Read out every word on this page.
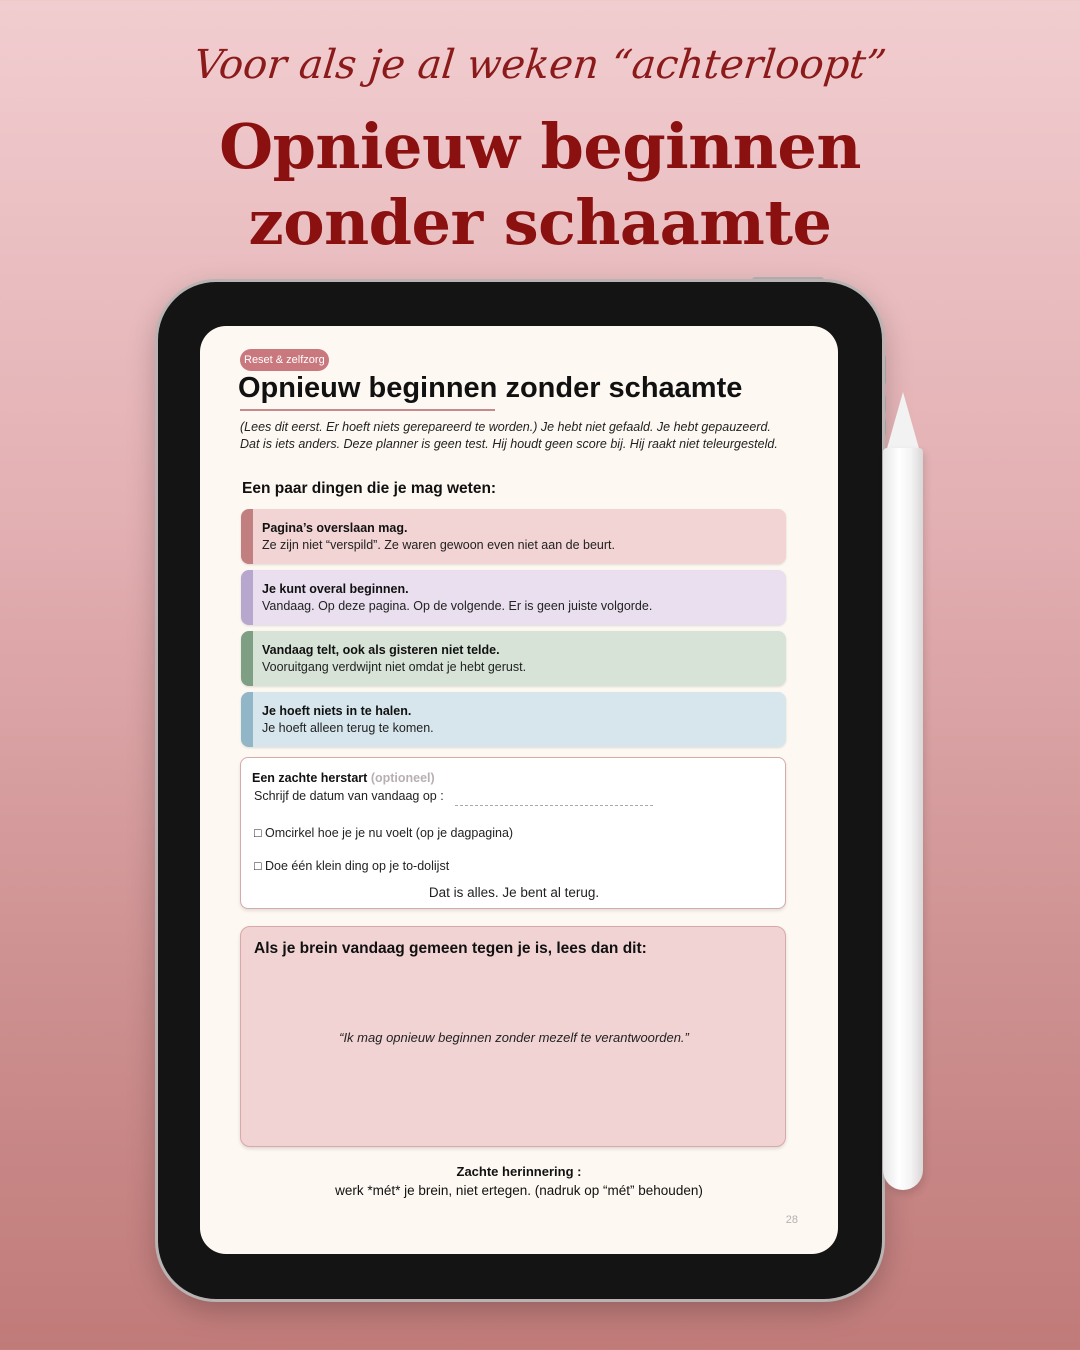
Voor als je al weken “achterloopt”
Opnieuw beginnen
zonder schaamte
Reset & zelfzorg
Opnieuw beginnen zonder schaamte
(Lees dit eerst. Er hoeft niets gerepareerd te worden.) Je hebt niet gefaald. Je hebt gepauzeerd. Dat is iets anders. Deze planner is geen test. Hij houdt geen score bij. Hij raakt niet teleurgesteld.
Een paar dingen die je mag weten:
Pagina’s overslaan mag.
Ze zijn niet “verspild”. Ze waren gewoon even niet aan de beurt.
Je kunt overal beginnen.
Vandaag. Op deze pagina. Op de volgende. Er is geen juiste volgorde.
Vandaag telt, ook als gisteren niet telde.
Vooruitgang verdwijnt niet omdat je hebt gerust.
Je hoeft niets in te halen.
Je hoeft alleen terug te komen.
Een zachte herstart (optioneel)
Schrijf de datum van vandaag op :
□ Omcirkel hoe je je nu voelt (op je dagpagina)
□ Doe één klein ding op je to-dolijst
Dat is alles. Je bent al terug.
Als je brein vandaag gemeen tegen je is, lees dan dit:
“Ik mag opnieuw beginnen zonder mezelf te verantwoorden.”
Zachte herinnering :
werk *mét* je brein, niet ertegen. (nadruk op “mét” behouden)
28
